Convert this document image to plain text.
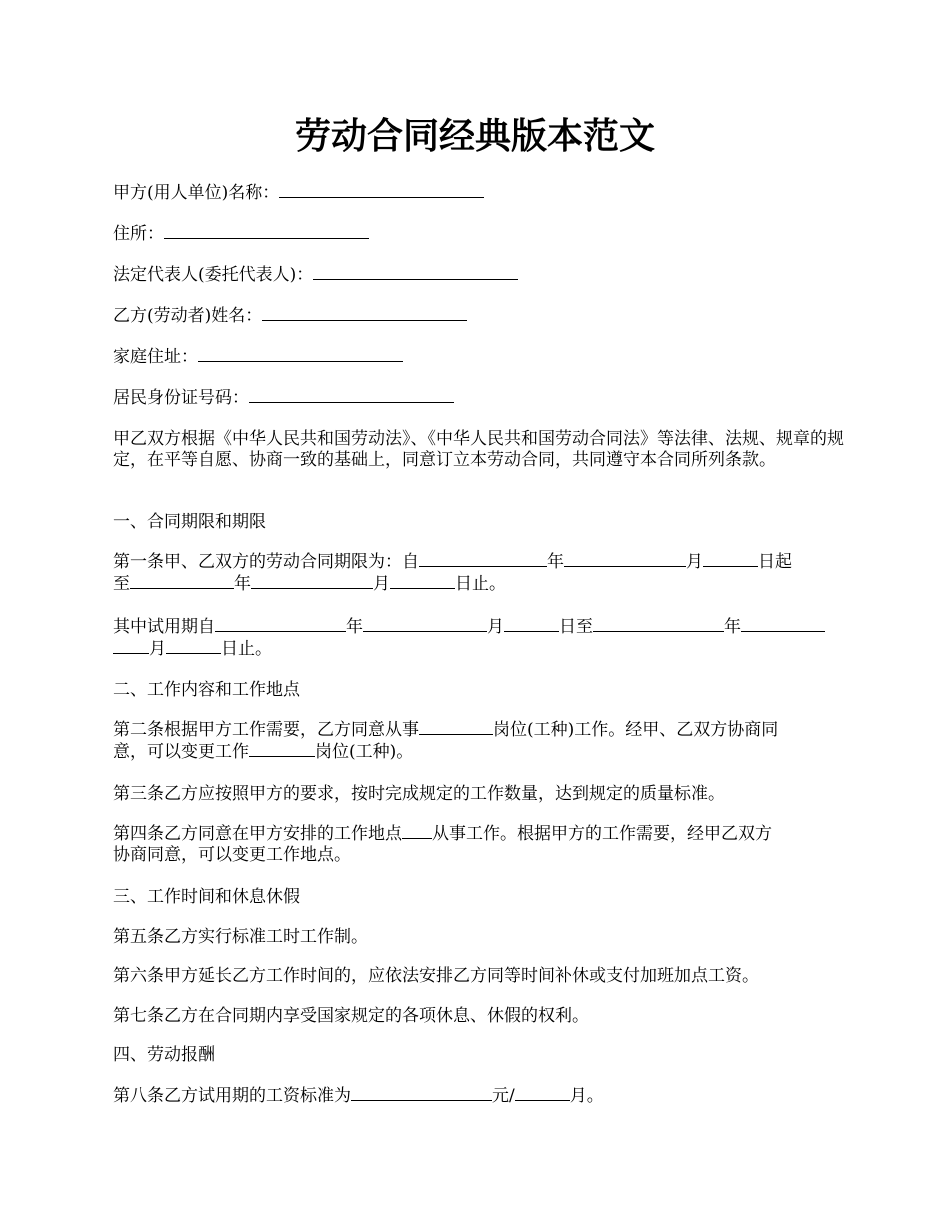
劳动合同经典版本范文

甲方(用人单位)名称：

住所：

法定代表人(委托代表人)：

乙方(劳动者)姓名：

家庭住址：

居民身份证号码：

甲乙双方根据《中华人民共和国劳动法》、《中华人民共和国劳动合同法》等法律、法规、规章的规定，在平等自愿、协商一致的基础上，同意订立本劳动合同，共同遵守本合同所列条款。

一、合同期限和期限

第一条甲、乙双方的劳动合同期限为：自	年	月	日起

至	年	月	日止。

其中试用期自	年	月	日至	年

月	日止。

二、工作内容和工作地点

第二条根据甲方工作需要，乙方同意从事	岗位(工种)工作。经甲、乙双方协商同

意，可以变更工作	岗位(工种)。

第三条乙方应按照甲方的要求，按时完成规定的工作数量，达到规定的质量标准。

第四条乙方同意在甲方安排的工作地点 从事工作。根据甲方的工作需要，经甲乙双方

协商同意，可以变更工作地点。

三、工作时间和休息休假

第五条乙方实行标准工时工作制。

第六条甲方延长乙方工作时间的，应依法安排乙方同等时间补休或支付加班加点工资。

第七条乙方在合同期内享受国家规定的各项休息、休假的权利。

四、劳动报酬

第八条乙方试用期的工资标准为	元/	月。
